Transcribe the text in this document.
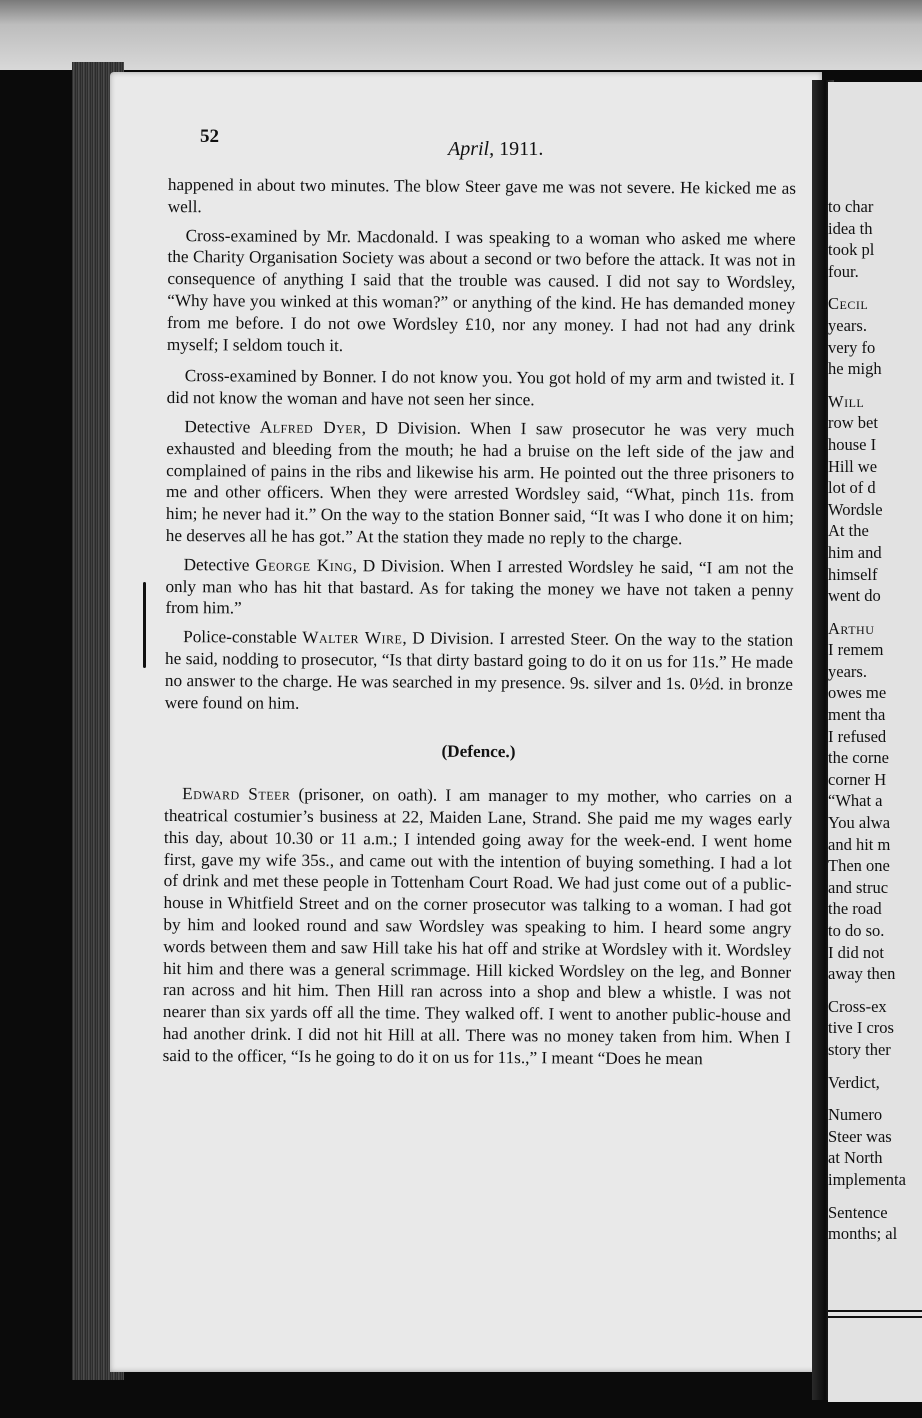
52
April, 1911.

happened in about two minutes. The blow Steer gave me was not severe. He kicked me as well.

Cross-examined by Mr. Macdonald. I was speaking to a woman who asked me where the Charity Organisation Society was about a second or two before the attack. It was not in consequence of anything I said that the trouble was caused. I did not say to Wordsley, “Why have you winked at this woman?” or anything of the kind. He has demanded money from me before. I do not owe Wordsley £10, nor any money. I had not had any drink myself; I seldom touch it.

Cross-examined by Bonner. I do not know you. You got hold of my arm and twisted it. I did not know the woman and have not seen her since.

Detective Alfred Dyer, D Division. When I saw prosecutor he was very much exhausted and bleeding from the mouth; he had a bruise on the left side of the jaw and complained of pains in the ribs and likewise his arm. He pointed out the three prisoners to me and other officers. When they were arrested Wordsley said, “What, pinch 11s. from him; he never had it.” On the way to the station Bonner said, “It was I who done it on him; he deserves all he has got.” At the station they made no reply to the charge.

Detective George King, D Division. When I arrested Wordsley he said, “I am not the only man who has hit that bastard. As for taking the money we have not taken a penny from him.”

Police-constable Walter Wire, D Division. I arrested Steer. On the way to the station he said, nodding to prosecutor, “Is that dirty bastard going to do it on us for 11s.” He made no answer to the charge. He was searched in my presence. 9s. silver and 1s. 0½d. in bronze were found on him.

(Defence.)

Edward Steer (prisoner, on oath). I am manager to my mother, who carries on a theatrical costumier’s business at 22, Maiden Lane, Strand. She paid me my wages early this day, about 10.30 or 11 a.m.; I intended going away for the week-end. I went home first, gave my wife 35s., and came out with the intention of buying something. I had a lot of drink and met these people in Tottenham Court Road. We had just come out of a public-house in Whitfield Street and on the corner prosecutor was talking to a woman. I had got by him and looked round and saw Wordsley was speaking to him. I heard some angry words between them and saw Hill take his hat off and strike at Wordsley with it. Wordsley hit him and there was a general scrimmage. Hill kicked Wordsley on the leg, and Bonner ran across and hit him. Then Hill ran across into a shop and blew a whistle. I was not nearer than six yards off all the time. They walked off. I went to another public-house and had another drink. I did not hit Hill at all. There was no money taken from him. When I said to the officer, “Is he going to do it on us for 11s.,” I meant “Does he mean

to char

idea th

took pl

four.

Cecil

years.

very fo

he migh

Will

row bet

house I

Hill we

lot of d

Wordsle

At the

him and

himself

went do

Arthu

I remem

years.

owes me

ment tha

I refused

the corne

corner H

“What a

You alwa

and hit m

Then one

and struc

the road

to do so.

I did not

away then

Cross-ex

tive I cros

story ther

Verdict,

Numero

Steer was

at North

implementa

Sentence

months; al
